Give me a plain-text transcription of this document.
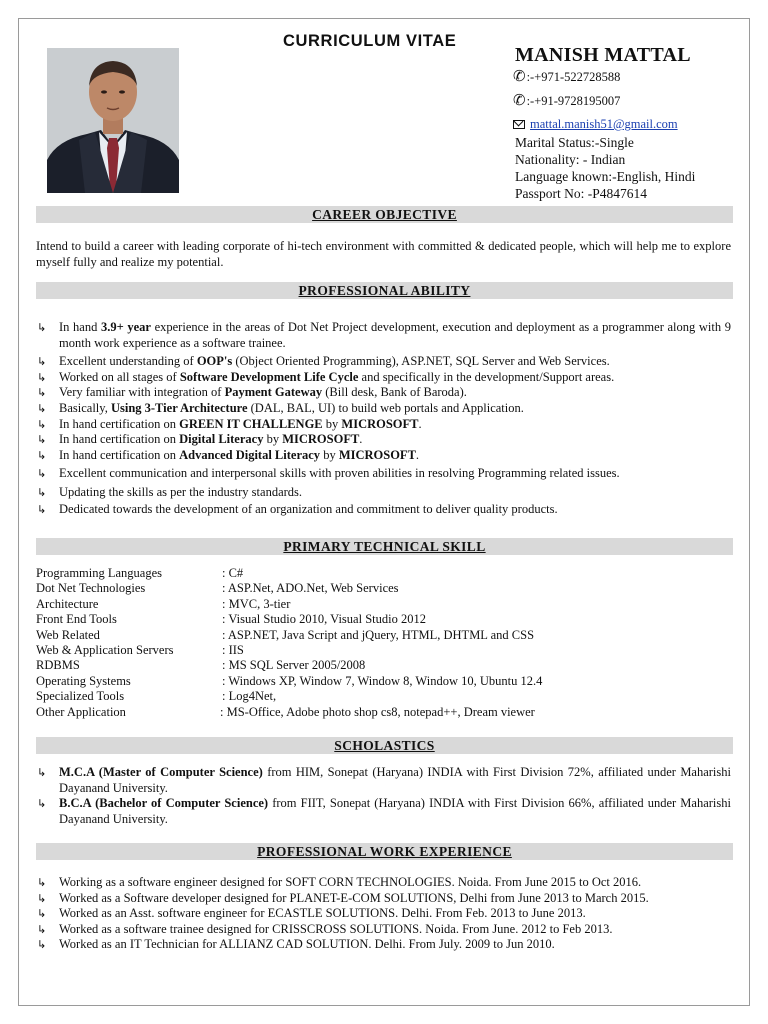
CURRICULUM VITAE
MANISH MATTAL
✆:-+971-522728588
✆:-+91-9728195007
mattal.manish51@gmail.com
Marital Status:-Single
Nationality: - Indian
Language known:-English, Hindi
Passport No: -P4847614
CAREER OBJECTIVE
Intend to build a career with leading corporate of hi-tech environment with committed & dedicated people, which will help me to explore myself fully and realize my potential.
PROFESSIONAL ABILITY
↳ In hand 3.9+ year experience in the areas of Dot Net Project development, execution and deployment as a programmer along with 9 month work experience as a software trainee.
↳ Excellent understanding of OOP's (Object Oriented Programming), ASP.NET, SQL Server and Web Services.
↳ Worked on all stages of Software Development Life Cycle and specifically in the development/Support areas.
↳ Very familiar with integration of Payment Gateway (Bill desk, Bank of Baroda).
↳ Basically, Using 3-Tier Architecture (DAL, BAL, UI) to build web portals and Application.
↳ In hand certification on GREEN IT CHALLENGE by MICROSOFT.
↳ In hand certification on Digital Literacy by MICROSOFT.
↳ In hand certification on Advanced Digital Literacy by MICROSOFT.
↳ Excellent communication and interpersonal skills with proven abilities in resolving Programming related issues.
↳ Updating the skills as per the industry standards.
↳ Dedicated towards the development of an organization and commitment to deliver quality products.
PRIMARY TECHNICAL SKILL
Programming Languages	: C#
Dot Net Technologies	: ASP.Net, ADO.Net, Web Services
Architecture	: MVC, 3-tier
Front End Tools	: Visual Studio 2010, Visual Studio 2012
Web Related	: ASP.NET, Java Script and jQuery, HTML, DHTML and CSS
Web & Application Servers	: IIS
RDBMS	: MS SQL Server 2005/2008
Operating Systems	: Windows XP, Window 7, Window 8, Window 10, Ubuntu 12.4
Specialized Tools	: Log4Net,
Other Application	: MS-Office, Adobe photo shop cs8, notepad++, Dream viewer
SCHOLASTICS
↳ M.C.A (Master of Computer Science) from HIM, Sonepat (Haryana) INDIA with First Division 72%, affiliated under Maharishi Dayanand University.
↳ B.C.A (Bachelor of Computer Science) from FIIT, Sonepat (Haryana) INDIA with First Division 66%, affiliated under Maharishi Dayanand University.
PROFESSIONAL WORK EXPERIENCE
↳ Working as a software engineer designed for SOFT CORN TECHNOLOGIES. Noida. From June 2015 to Oct 2016.
↳ Worked as a Software developer designed for PLANET-E-COM SOLUTIONS, Delhi from June 2013 to March 2015.
↳ Worked as an Asst. software engineer for ECASTLE SOLUTIONS. Delhi. From Feb. 2013 to June 2013.
↳ Worked as a software trainee designed for CRISSCROSS SOLUTIONS. Noida. From June. 2012 to Feb 2013.
↳ Worked as an IT Technician for ALLIANZ CAD SOLUTION. Delhi. From July. 2009 to Jun 2010.
